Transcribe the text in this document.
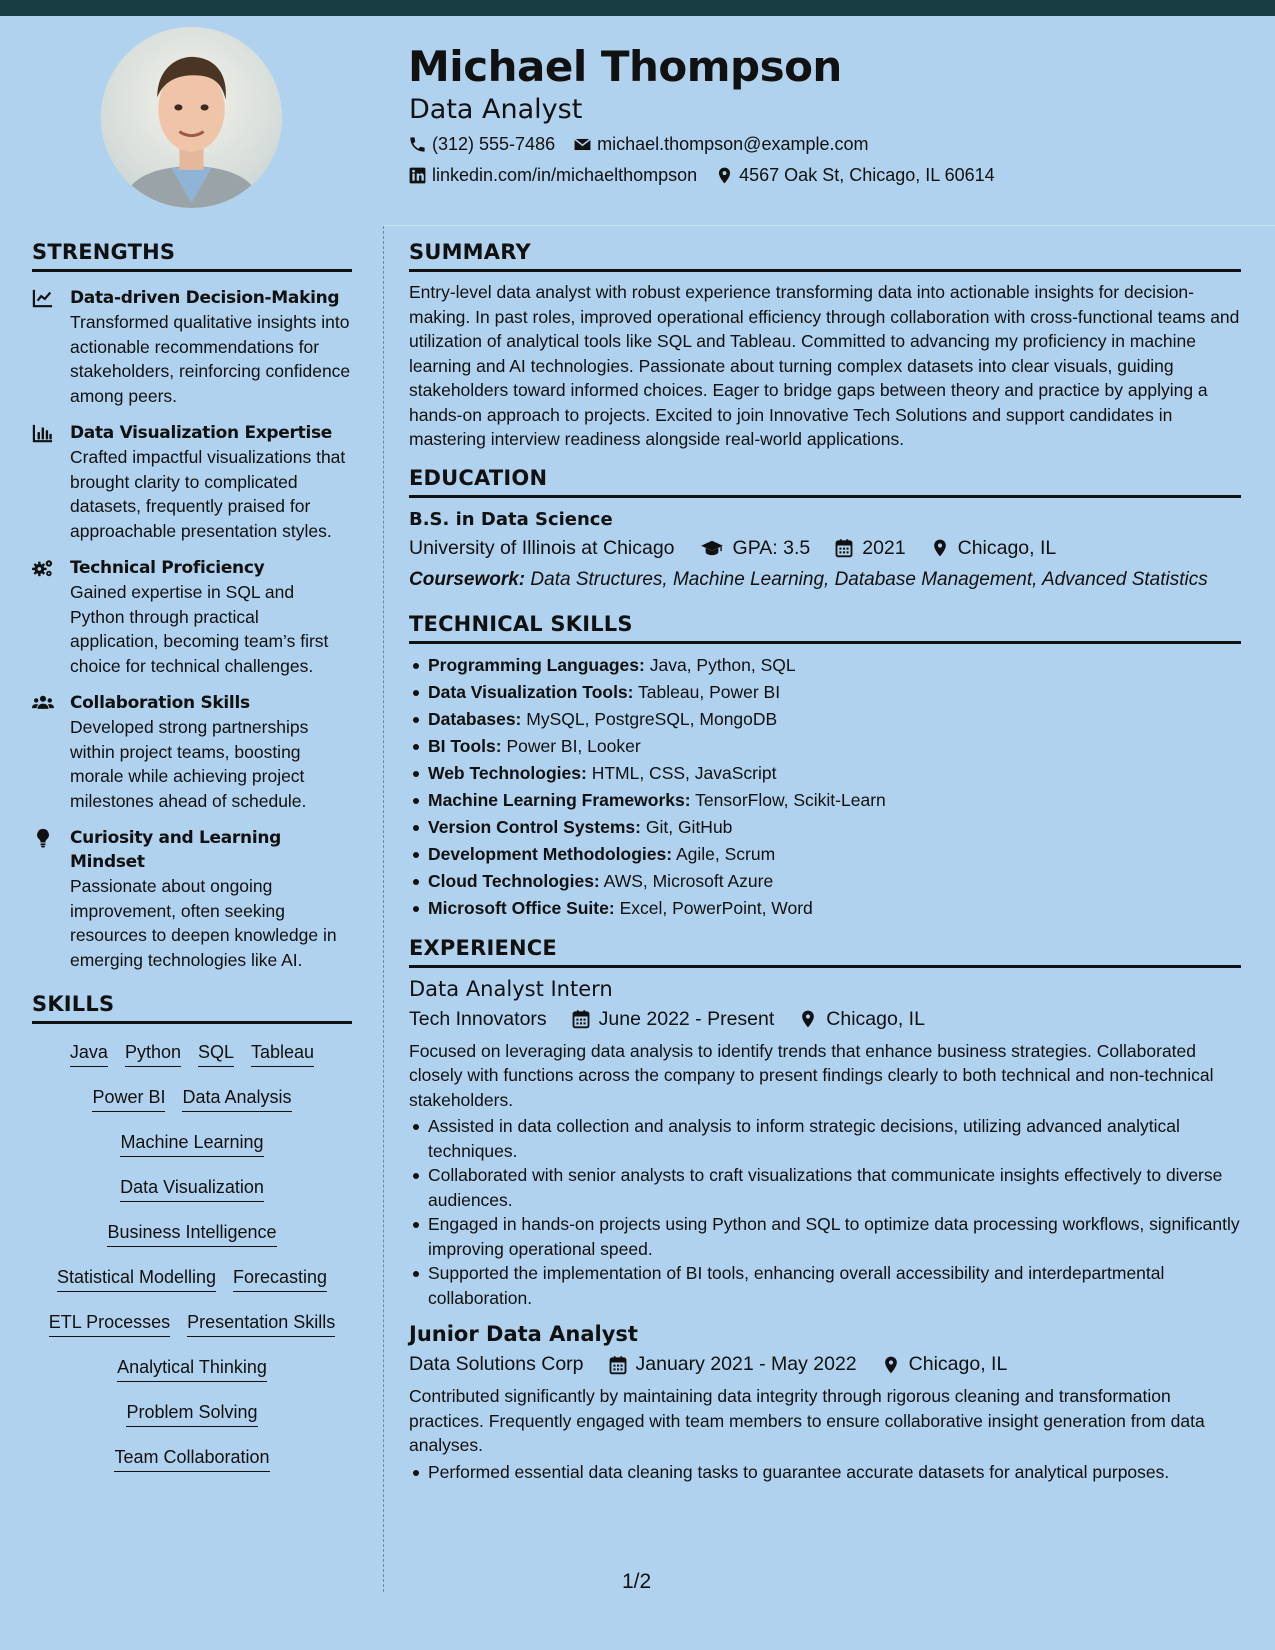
Michael Thompson
Data Analyst
(312) 555-7486 michael.thompson@example.com
linkedin.com/in/michaelthompson 4567 Oak St, Chicago, IL 60614
STRENGTHS
Data-driven Decision-Making
Transformed qualitative insights into actionable recommendations for stakeholders, reinforcing confidence among peers.
Data Visualization Expertise
Crafted impactful visualizations that brought clarity to complicated datasets, frequently praised for approachable presentation styles.
Technical Proficiency
Gained expertise in SQL and Python through practical application, becoming team’s first choice for technical challenges.
Collaboration Skills
Developed strong partnerships within project teams, boosting morale while achieving project milestones ahead of schedule.
Curiosity and Learning Mindset
Passionate about ongoing improvement, often seeking resources to deepen knowledge in emerging technologies like AI.
SKILLS
Java Python SQL Tableau
Power BI Data Analysis
Machine Learning
Data Visualization
Business Intelligence
Statistical Modelling Forecasting
ETL Processes Presentation Skills
Analytical Thinking
Problem Solving
Team Collaboration
SUMMARY
Entry-level data analyst with robust experience transforming data into actionable insights for decision-making. In past roles, improved operational efficiency through collaboration with cross-functional teams and utilization of analytical tools like SQL and Tableau. Committed to advancing my proficiency in machine learning and AI technologies. Passionate about turning complex datasets into clear visuals, guiding stakeholders toward informed choices. Eager to bridge gaps between theory and practice by applying a hands-on approach to projects. Excited to join Innovative Tech Solutions and support candidates in mastering interview readiness alongside real-world applications.
EDUCATION
B.S. in Data Science
University of Illinois at Chicago	GPA: 3.5	2021	Chicago, IL
Coursework: Data Structures, Machine Learning, Database Management, Advanced Statistics
TECHNICAL SKILLS
Programming Languages: Java, Python, SQL
Data Visualization Tools: Tableau, Power BI
Databases: MySQL, PostgreSQL, MongoDB
BI Tools: Power BI, Looker
Web Technologies: HTML, CSS, JavaScript
Machine Learning Frameworks: TensorFlow, Scikit-Learn
Version Control Systems: Git, GitHub
Development Methodologies: Agile, Scrum
Cloud Technologies: AWS, Microsoft Azure
Microsoft Office Suite: Excel, PowerPoint, Word
EXPERIENCE
Data Analyst Intern
Tech Innovators	June 2022 - Present	Chicago, IL
Focused on leveraging data analysis to identify trends that enhance business strategies. Collaborated closely with functions across the company to present findings clearly to both technical and non-technical stakeholders.
Assisted in data collection and analysis to inform strategic decisions, utilizing advanced analytical techniques.
Collaborated with senior analysts to craft visualizations that communicate insights effectively to diverse audiences.
Engaged in hands-on projects using Python and SQL to optimize data processing workflows, significantly improving operational speed.
Supported the implementation of BI tools, enhancing overall accessibility and interdepartmental collaboration.
Junior Data Analyst
Data Solutions Corp	January 2021 - May 2022	Chicago, IL
Contributed significantly by maintaining data integrity through rigorous cleaning and transformation practices. Frequently engaged with team members to ensure collaborative insight generation from data analyses.
Performed essential data cleaning tasks to guarantee accurate datasets for analytical purposes.
1/2
